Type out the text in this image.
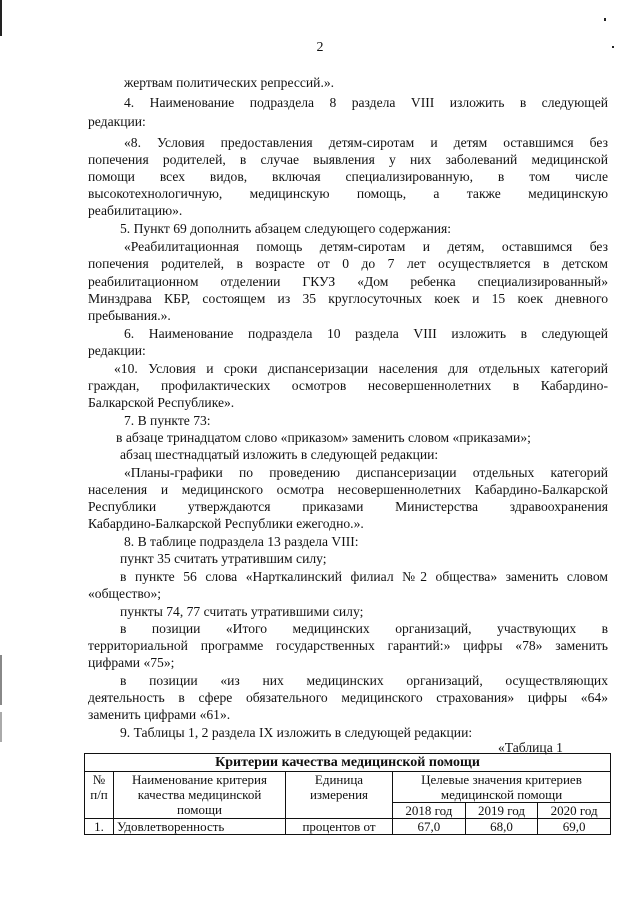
2
жертвам политических репрессий.».
4. Наименование подраздела 8 раздела VIII изложить в следующей
редакции:
«8. Условия предоставления детям-сиротам и детям оставшимся без
попечения родителей, в случае выявления у них заболеваний медицинской
помощи всех видов, включая специализированную, в том числе
высокотехнологичную, медицинскую помощь, а также медицинскую
реабилитацию».
5. Пункт 69 дополнить абзацем следующего содержания:
«Реабилитационная помощь детям-сиротам и детям, оставшимся без
попечения родителей, в возрасте от 0 до 7 лет осуществляется в детском
реабилитационном отделении ГКУЗ «Дом ребенка специализированный»
Минздрава КБР, состоящем из 35 круглосуточных коек и 15 коек дневного
пребывания.».
6. Наименование подраздела 10 раздела VIII изложить в следующей
редакции:
«10. Условия и сроки диспансеризации населения для отдельных категорий
граждан, профилактических осмотров несовершеннолетних в Кабардино-
Балкарской Республике».
7. В пункте 73:
в абзаце тринадцатом слово «приказом» заменить словом «приказами»;
абзац шестнадцатый изложить в следующей редакции:
«Планы-графики по проведению диспансеризации отдельных категорий
населения и медицинского осмотра несовершеннолетних Кабардино-Балкарской
Республики утверждаются приказами Министерства здравоохранения
Кабардино-Балкарской Республики ежегодно.».
8. В таблице подраздела 13 раздела VIII:
пункт 35 считать утратившим силу;
в пункте 56 слова «Нарткалинский филиал №2 общества» заменить словом
«общество»;
пункты 74, 77 считать утратившими силу;
в позиции «Итого медицинских организаций, участвующих в
территориальной программе государственных гарантий:» цифры «78» заменить
цифрами «75»;
в позиции «из них медицинских организаций, осуществляющих
деятельность в сфере обязательного медицинского страхования» цифры «64»
заменить цифрами «61».
9. Таблицы 1, 2 раздела IX изложить в следующей редакции:
«Таблица 1
Критерии качества медицинской помощи					
№ п/п	Наименование критерия качества медицинской помощи	Единица измерения	Целевые значения критериев медицинской помощи		
			2018 год	2019 год	2020 год
1.	Удовлетворенность	процентов от	67,0	68,0	69,0
